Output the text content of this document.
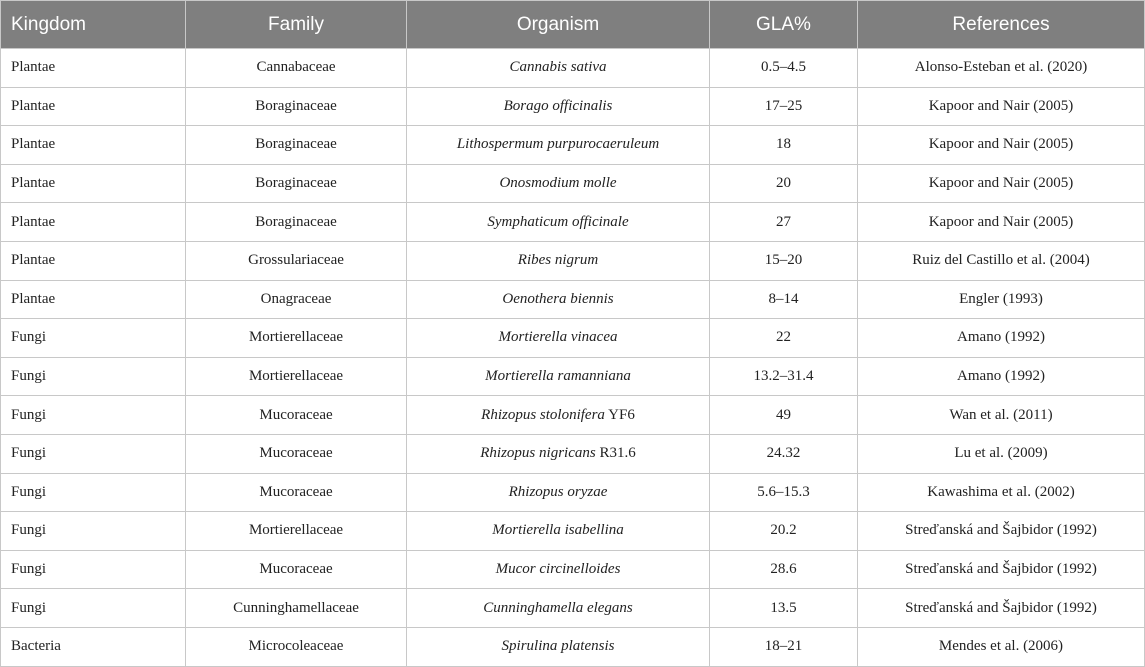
Kingdom	Family	Organism	GLA%	References
Plantae	Cannabaceae	Cannabis sativa	0.5–4.5	Alonso-Esteban et al. (2020)
Plantae	Boraginaceae	Borago officinalis	17–25	Kapoor and Nair (2005)
Plantae	Boraginaceae	Lithospermum purpurocaeruleum	18	Kapoor and Nair (2005)
Plantae	Boraginaceae	Onosmodium molle	20	Kapoor and Nair (2005)
Plantae	Boraginaceae	Symphaticum officinale	27	Kapoor and Nair (2005)
Plantae	Grossulariaceae	Ribes nigrum	15–20	Ruiz del Castillo et al. (2004)
Plantae	Onagraceae	Oenothera biennis	8–14	Engler (1993)
Fungi	Mortierellaceae	Mortierella vinacea	22	Amano (1992)
Fungi	Mortierellaceae	Mortierella ramanniana	13.2–31.4	Amano (1992)
Fungi	Mucoraceae	Rhizopus stolonifera YF6	49	Wan et al. (2011)
Fungi	Mucoraceae	Rhizopus nigricans R31.6	24.32	Lu et al. (2009)
Fungi	Mucoraceae	Rhizopus oryzae	5.6–15.3	Kawashima et al. (2002)
Fungi	Mortierellaceae	Mortierella isabellina	20.2	Streďanská and Šajbidor (1992)
Fungi	Mucoraceae	Mucor circinelloides	28.6	Streďanská and Šajbidor (1992)
Fungi	Cunninghamellaceae	Cunninghamella elegans	13.5	Streďanská and Šajbidor (1992)
Bacteria	Microcoleaceae	Spirulina platensis	18–21	Mendes et al. (2006)
